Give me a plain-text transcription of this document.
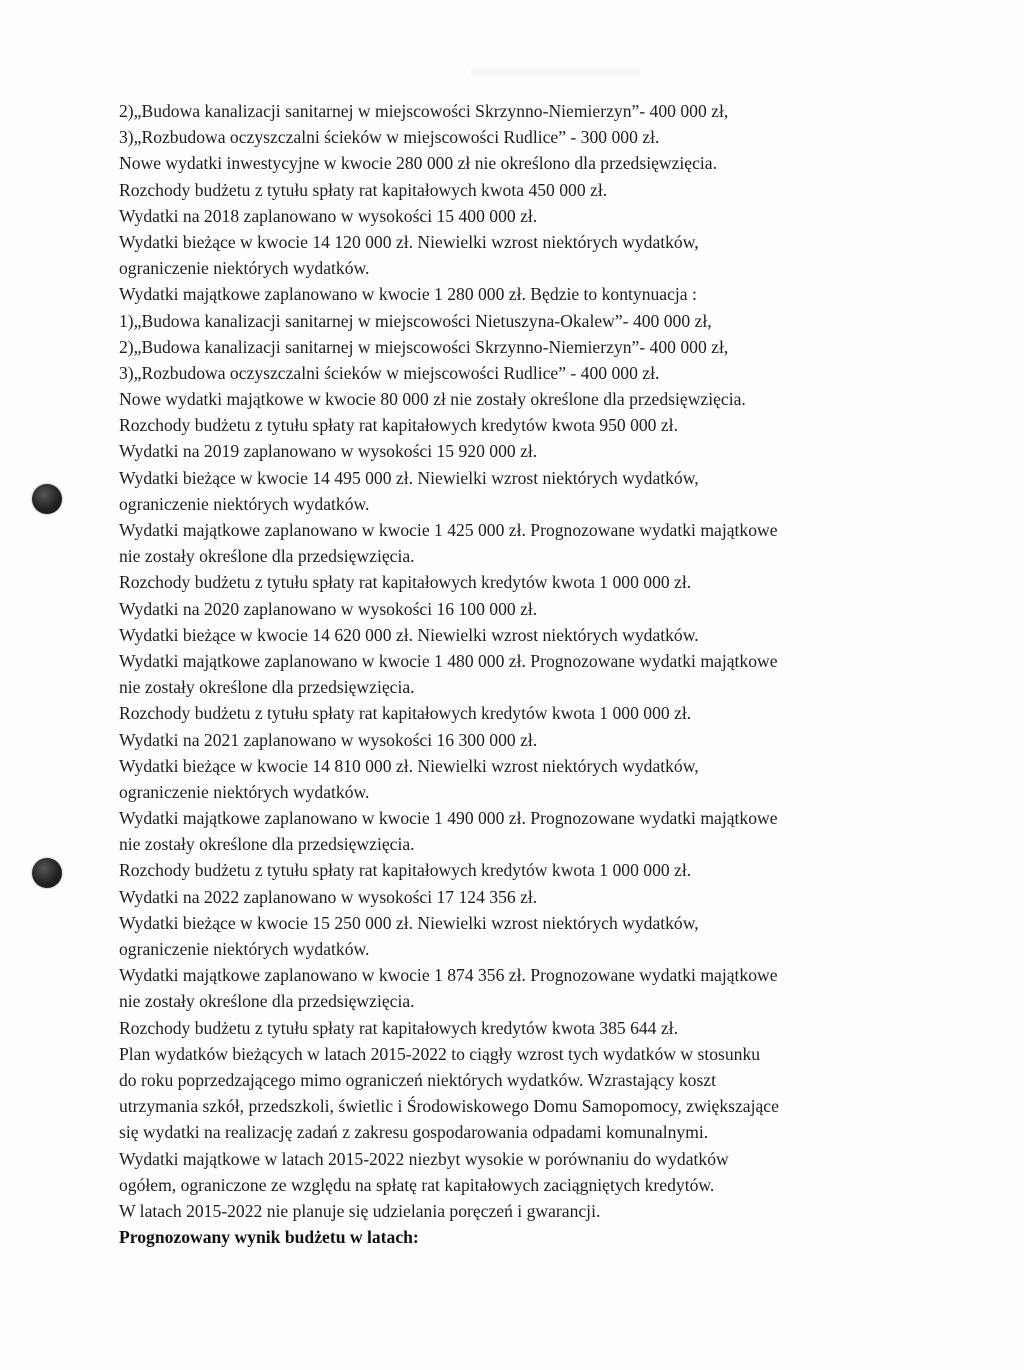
2)„Budowa kanalizacji sanitarnej w miejscowości Skrzynno-Niemierzyn”- 400 000 zł,
3)„Rozbudowa oczyszczalni ścieków w miejscowości Rudlice” - 300 000 zł.
Nowe wydatki inwestycyjne w kwocie 280 000 zł nie określono dla przedsięwzięcia.
Rozchody budżetu z tytułu spłaty rat kapitałowych kwota 450 000 zł.
Wydatki na 2018 zaplanowano w wysokości 15 400 000 zł.
Wydatki bieżące w kwocie 14 120 000 zł. Niewielki wzrost niektórych wydatków,
ograniczenie niektórych wydatków.
Wydatki majątkowe zaplanowano w kwocie 1 280 000 zł. Będzie to kontynuacja :
1)„Budowa kanalizacji sanitarnej w miejscowości Nietuszyna-Okalew”- 400 000 zł,
2)„Budowa kanalizacji sanitarnej w miejscowości Skrzynno-Niemierzyn”- 400 000 zł,
3)„Rozbudowa oczyszczalni ścieków w miejscowości Rudlice” - 400 000 zł.
Nowe wydatki majątkowe w kwocie 80 000 zł nie zostały określone dla przedsięwzięcia.
Rozchody budżetu z tytułu spłaty rat kapitałowych kredytów kwota 950 000 zł.
Wydatki na 2019 zaplanowano w wysokości 15 920 000 zł.
Wydatki bieżące w kwocie 14 495 000 zł. Niewielki wzrost niektórych wydatków,
ograniczenie niektórych wydatków.
Wydatki majątkowe zaplanowano w kwocie 1 425 000 zł. Prognozowane wydatki majątkowe
nie zostały określone dla przedsięwzięcia.
Rozchody budżetu z tytułu spłaty rat kapitałowych kredytów kwota 1 000 000 zł.
Wydatki na 2020 zaplanowano w wysokości 16 100 000 zł.
Wydatki bieżące w kwocie 14 620 000 zł. Niewielki wzrost niektórych wydatków.
Wydatki majątkowe zaplanowano w kwocie 1 480 000 zł. Prognozowane wydatki majątkowe
nie zostały określone dla przedsięwzięcia.
Rozchody budżetu z tytułu spłaty rat kapitałowych kredytów kwota 1 000 000 zł.
Wydatki na 2021 zaplanowano w wysokości 16 300 000 zł.
Wydatki bieżące w kwocie 14 810 000 zł. Niewielki wzrost niektórych wydatków,
ograniczenie niektórych wydatków.
Wydatki majątkowe zaplanowano w kwocie 1 490 000 zł. Prognozowane wydatki majątkowe
nie zostały określone dla przedsięwzięcia.
Rozchody budżetu z tytułu spłaty rat kapitałowych kredytów kwota 1 000 000 zł.
Wydatki na 2022 zaplanowano w wysokości 17 124 356 zł.
Wydatki bieżące w kwocie 15 250 000 zł. Niewielki wzrost niektórych wydatków,
ograniczenie niektórych wydatków.
Wydatki majątkowe zaplanowano w kwocie 1 874 356 zł. Prognozowane wydatki majątkowe
nie zostały określone dla przedsięwzięcia.
Rozchody budżetu z tytułu spłaty rat kapitałowych kredytów kwota 385 644 zł.
Plan wydatków bieżących w latach 2015-2022 to ciągły wzrost tych wydatków w stosunku
do roku poprzedzającego mimo ograniczeń niektórych wydatków. Wzrastający koszt
utrzymania szkół, przedszkoli, świetlic i Środowiskowego Domu Samopomocy, zwiększające
się wydatki na realizację zadań z zakresu gospodarowania odpadami komunalnymi.
Wydatki majątkowe w latach 2015-2022 niezbyt wysokie w porównaniu do wydatków
ogółem, ograniczone ze względu na spłatę rat kapitałowych zaciągniętych kredytów.
W latach 2015-2022 nie planuje się udzielania poręczeń i gwarancji.
Prognozowany wynik budżetu w latach:
